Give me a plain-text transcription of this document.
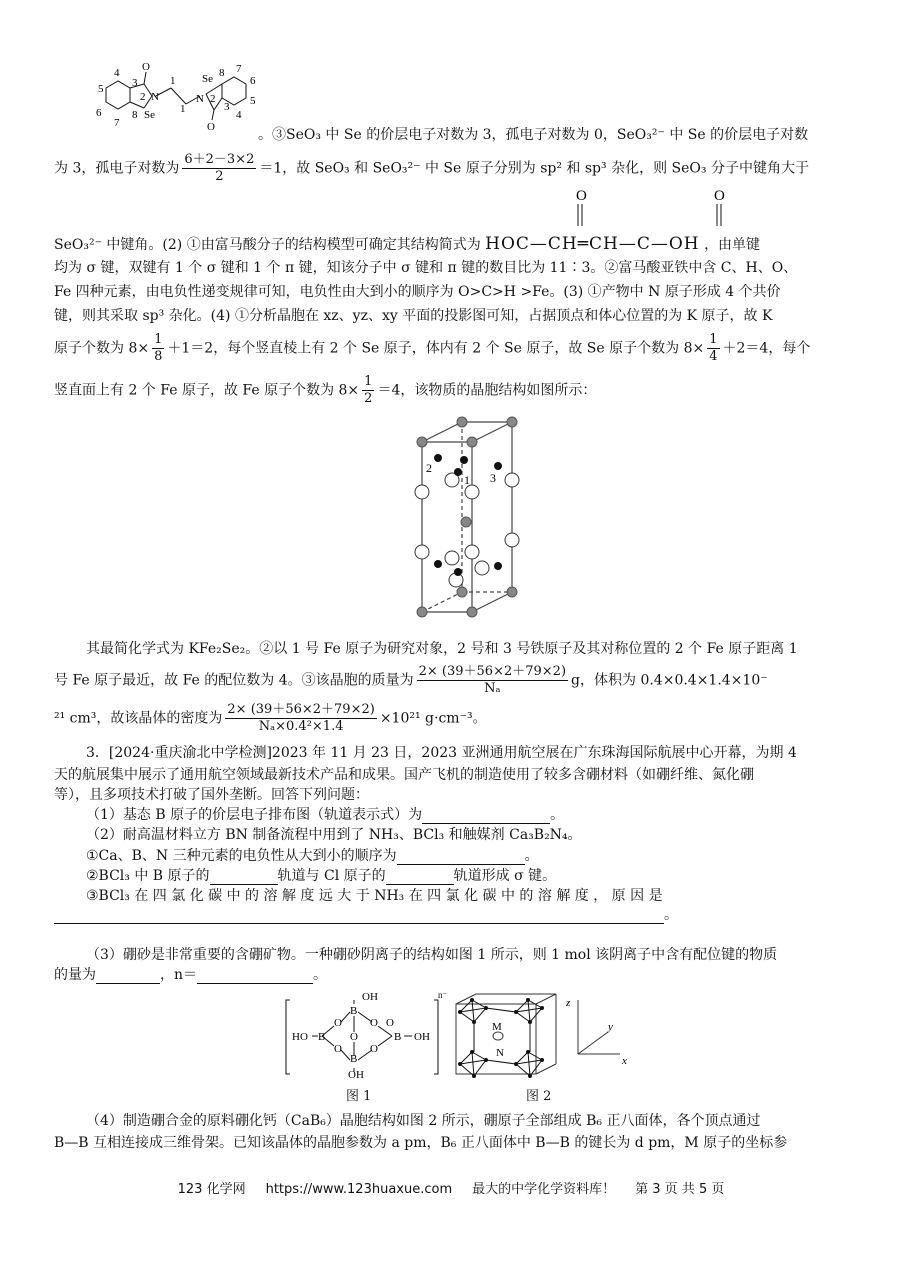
5
4
3
6
7
8
2 N
1
1
Se
O
Se 8 7
6
2
N
3
4
5
O	。③SeO₃ 中 Se 的价层电子对数为 3，孤电子对数为 0，SeO₃²⁻ 中 Se 的价层电子对数
为 3，孤电子对数为 $\frac{6+2-3\times 2}{2} =1$，故 SeO₃ 和 SeO₃²⁻ 中 Se 原子分别为 sp² 和 sp³ 杂化，则 SeO₃ 分子中键角大于
O	O
SeO₃²⁻ 中键角。(2) ①由富马酸分子的结构模型可确定其结构简式为 HOC—CH═CH—C—OH ，由单键
均为 σ 键，双键有 1 个 σ 键和 1 个 π 键，知该分子中 σ 键和 π 键的数目比为 11∶3。②富马酸亚铁中含 C、H、O、
Fe 四种元素，由电负性递变规律可知，电负性由大到小的顺序为 O>C>H >Fe。(3) ①产物中 N 原子形成 4 个共价
键，则其采取 sp³ 杂化。(4) ①分析晶胞在 xz、yz、xy 平面的投影图可知，占据顶点和体心位置的为 K 原子，故 K
原子个数为 $8\times \frac{1}{8} +1=2$，每个竖直棱上有 2 个 Se 原子，体内有 2 个 Se 原子，故 Se 原子个数为 $8\times \frac{1}{4} +2=4$，每个
竖直面上有 2 个 Fe 原子，故 Fe 原子个数为 $8\times \frac{1}{2} =4$，该物质的晶胞结构如图所示：
2
1 3
其最简化学式为 KFe₂Se₂。②以 1 号 Fe 原子为研究对象，2 号和 3 号铁原子及其对称位置的 2 个 Fe 原子距离 1
号 Fe 原子最近，故 Fe 的配位数为 4。③该晶胞的质量为 $\frac{2\times (39+56\times 2+79\times 2)}{\text{Nₐ}}$ g，体积为 0.4×0.4×1.4×10⁻
²¹ cm³，故该晶体的密度为 $\frac{2\times (39+56\times 2+79\times 2)}{\text{Nₐ×0.4²×1.4}} \times 10^{21}$ g·cm⁻³。
3．[2024·重庆渝北中学检测]2023 年 11 月 23 日，2023 亚洲通用航空展在广东珠海国际航展中心开幕，为期 4
天的航展集中展示了通用航空领域最新技术产品和成果。国产飞机的制造使用了较多含硼材料（如硼纤维、氮化硼
等），且多项技术打破了国外垄断。回答下列问题：
（1）基态 B 原子的价层电子排布图（轨道表示式）为	。
（2）耐高温材料立方 BN 制备流程中用到了 NH₃、BCl₃ 和触媒剂 Ca₃B₂N₄。
①Ca、B、N 三种元素的电负性从大到小的顺序为	。
②BCl₃ 中 B 原子的	轨道与 Cl 原子的	轨道形成 σ 键。
③BCl₃ 在 四 氯 化 碳 中 的 溶 解 度 远 大 于 NH₃ 在 四 氯 化 碳 中 的 溶 解 度 ， 原 因 是
。
（3）硼砂是非常重要的含硼矿物。一种硼砂阴离子的结构如图 1 所示，则 1 mol 该阴离子中含有配位键的物质
的量为	，n＝	。
OH
B
O	O
B
O
HO B
O	O
B
OH
O
OH
n⁻
图 1
M
N
z
y
x
图 2
（4）制造硼合金的原料硼化钙（CaB₆）晶胞结构如图 2 所示，硼原子全部组成 B₆ 正八面体，各个顶点通过
B—B 互相连接成三维骨架。已知该晶体的晶胞参数为 a pm，B₆ 正八面体中 B—B 的键长为 d pm，M 原子的坐标参
123 化学网 https://www.123huaxue.com 最大的中学化学资料库！ 第 3 页 共 5 页
